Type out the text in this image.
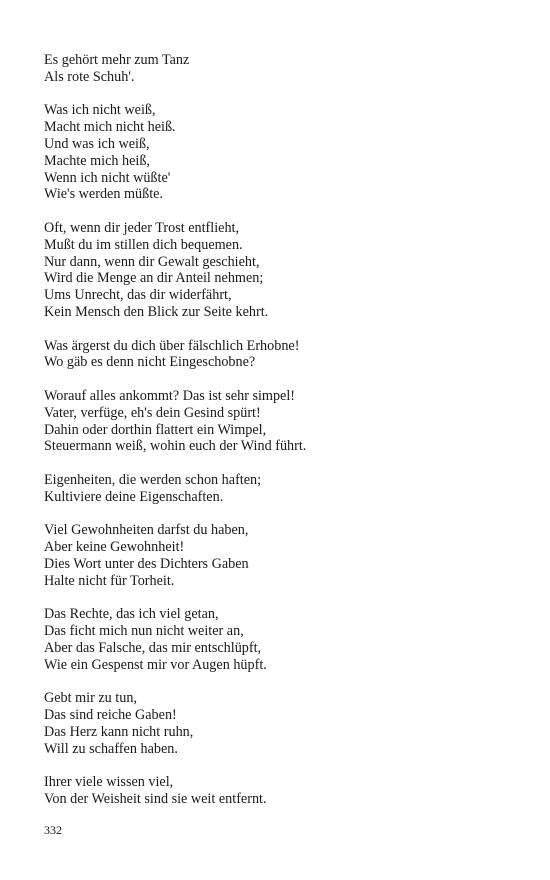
Es gehört mehr zum Tanz
Als rote Schuh'.
Was ich nicht weiß,
Macht mich nicht heiß.
Und was ich weiß,
Machte mich heiß,
Wenn ich nicht wüßte'
Wie's werden müßte.
Oft, wenn dir jeder Trost entflieht,
Mußt du im stillen dich bequemen.
Nur dann, wenn dir Gewalt geschieht,
Wird die Menge an dir Anteil nehmen;
Ums Unrecht, das dir widerfährt,
Kein Mensch den Blick zur Seite kehrt.
Was ärgerst du dich über fälschlich Erhobne!
Wo gäb es denn nicht Eingeschobne?
Worauf alles ankommt? Das ist sehr simpel!
Vater, verfüge, eh's dein Gesind spürt!
Dahin oder dorthin flattert ein Wimpel,
Steuermann weiß, wohin euch der Wind führt.
Eigenheiten, die werden schon haften;
Kultiviere deine Eigenschaften.
Viel Gewohnheiten darfst du haben,
Aber keine Gewohnheit!
Dies Wort unter des Dichters Gaben
Halte nicht für Torheit.
Das Rechte, das ich viel getan,
Das ficht mich nun nicht weiter an,
Aber das Falsche, das mir entschlüpft,
Wie ein Gespenst mir vor Augen hüpft.
Gebt mir zu tun,
Das sind reiche Gaben!
Das Herz kann nicht ruhn,
Will zu schaffen haben.
Ihrer viele wissen viel,
Von der Weisheit sind sie weit entfernt.
332
